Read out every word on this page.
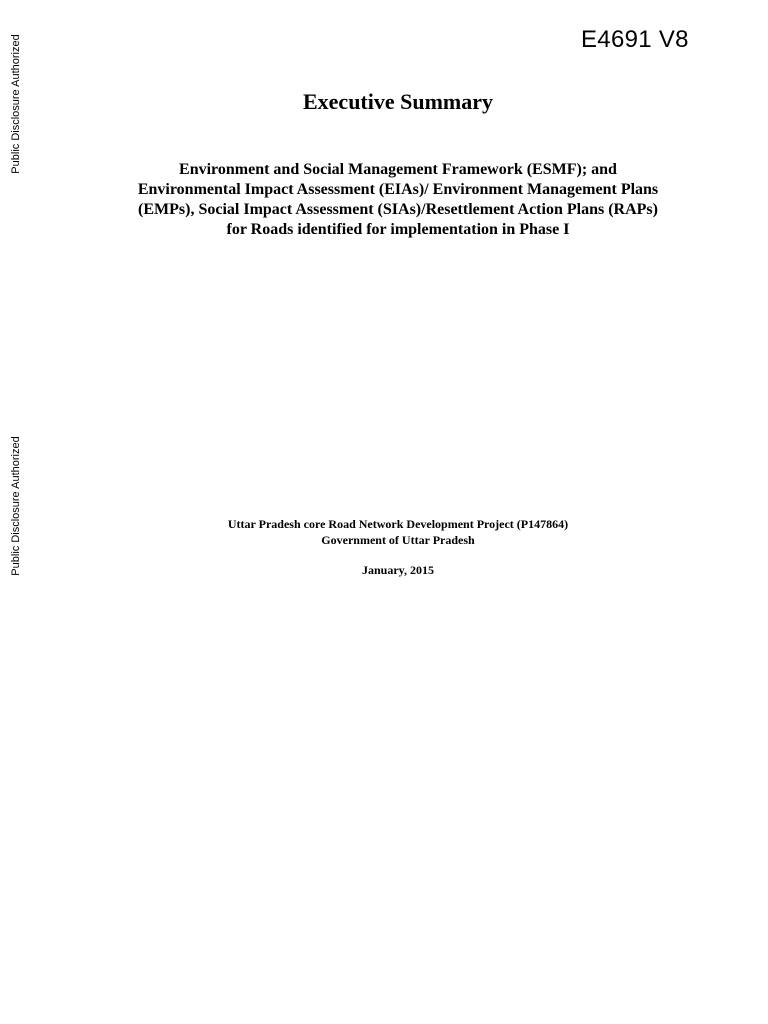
E4691 V8
Public Disclosure Authorized
Public Disclosure Authorized
Executive Summary
Environment and Social Management Framework (ESMF); and
Environmental Impact Assessment (EIAs)/ Environment Management Plans
(EMPs), Social Impact Assessment (SIAs)/Resettlement Action Plans (RAPs)
for Roads identified for implementation in Phase I
Uttar Pradesh core Road Network Development Project (P147864)
Government of Uttar Pradesh
January, 2015
